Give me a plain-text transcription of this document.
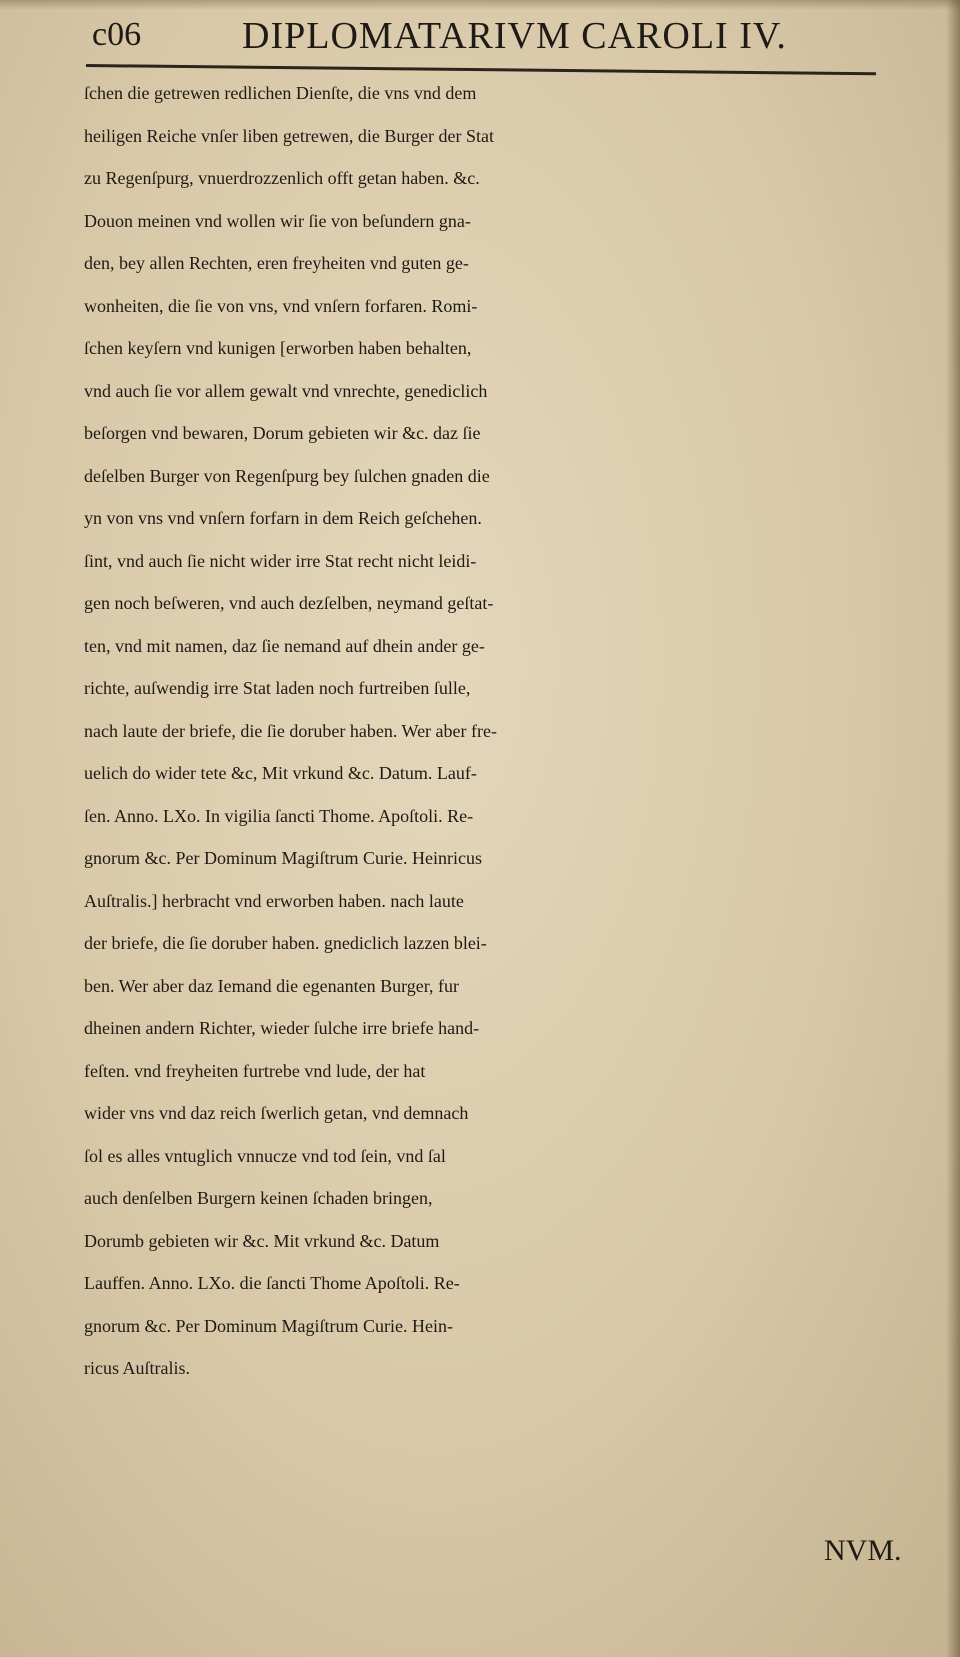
c06	DIPLOMATARIVM CAROLI IV.
ſchen die getrewen redlichen Dienſte, die vns vnd dem
heiligen Reiche vnſer liben getrewen, die Burger der Stat
zu Regenſpurg, vnuerdrozzenlich offt getan haben. &c.
Douon meinen vnd wollen wir ſie von beſundern gna-
den, bey allen Rechten, eren freyheiten vnd guten ge-
wonheiten, die ſie von vns, vnd vnſern forfaren. Romi-
ſchen keyſern vnd kunigen [erworben haben behalten,
vnd auch ſie vor allem gewalt vnd vnrechte, genediclich
beſorgen vnd bewaren, Dorum gebieten wir &c. daz ſie
deſelben Burger von Regenſpurg bey ſulchen gnaden die
yn von vns vnd vnſern forfarn in dem Reich geſchehen.
ſint, vnd auch ſie nicht wider irre Stat recht nicht leidi-
gen noch beſweren, vnd auch dezſelben, neymand geſtat-
ten, vnd mit namen, daz ſie nemand auf dhein ander ge-
richte, auſwendig irre Stat laden noch furtreiben ſulle,
nach laute der briefe, die ſie doruber haben. Wer aber fre-
uelich do wider tete &c, Mit vrkund &c. Datum. Lauf-
ſen. Anno. LXo. In vigilia ſancti Thome. Apoſtoli. Re-
gnorum &c. Per Dominum Magiſtrum Curie. Heinricus
Auſtralis.] herbracht vnd erworben haben. nach laute
der briefe, die ſie doruber haben. gnediclich lazzen blei-
ben. Wer aber daz Iemand die egenanten Burger, fur
dheinen andern Richter, wieder ſulche irre briefe hand-
feſten. vnd freyheiten furtrebe vnd lude, der hat
wider vns vnd daz reich ſwerlich getan, vnd demnach
ſol es alles vntuglich vnnucze vnd tod ſein, vnd ſal
auch denſelben Burgern keinen ſchaden bringen,
Dorumb gebieten wir &c. Mit vrkund &c. Datum
Lauffen. Anno. LXo. die ſancti Thome Apoſtoli. Re-
gnorum &c. Per Dominum Magiſtrum Curie. Hein-
ricus Auſtralis.
NVM.
